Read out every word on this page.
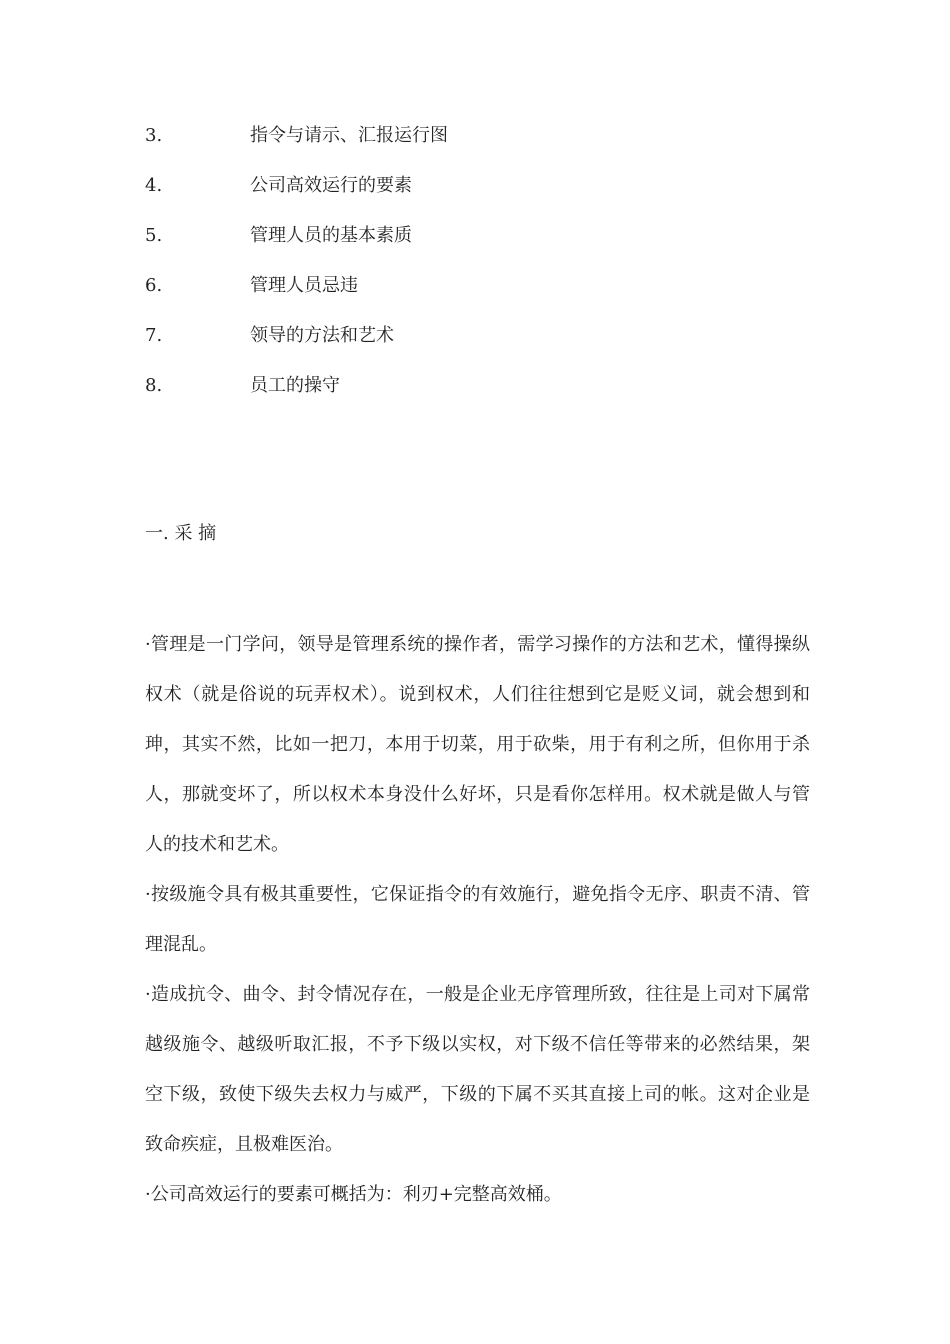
3.	指令与请示、汇报运行图
4.	公司高效运行的要素
5.	管理人员的基本素质
6.	管理人员忌违
7.	领导的方法和艺术
8.	员工的操守
一. 采 摘

·管理是一门学问，领导是管理系统的操作者，需学习操作的方法和艺术，懂得操纵权术（就是俗说的玩弄权术）。说到权术，人们往往想到它是贬义词，就会想到和珅，其实不然，比如一把刀，本用于切菜，用于砍柴，用于有利之所，但你用于杀人，那就变坏了，所以权术本身没什么好坏，只是看你怎样用。权术就是做人与管人的技术和艺术。

·按级施令具有极其重要性，它保证指令的有效施行，避免指令无序、职责不清、管理混乱。

·造成抗令、曲令、封令情况存在，一般是企业无序管理所致，往往是上司对下属常越级施令、越级听取汇报，不予下级以实权，对下级不信任等带来的必然结果，架空下级，致使下级失去权力与威严，下级的下属不买其直接上司的帐。这对企业是致命疾症，且极难医治。

·公司高效运行的要素可概括为：利刃+完整高效桶。
